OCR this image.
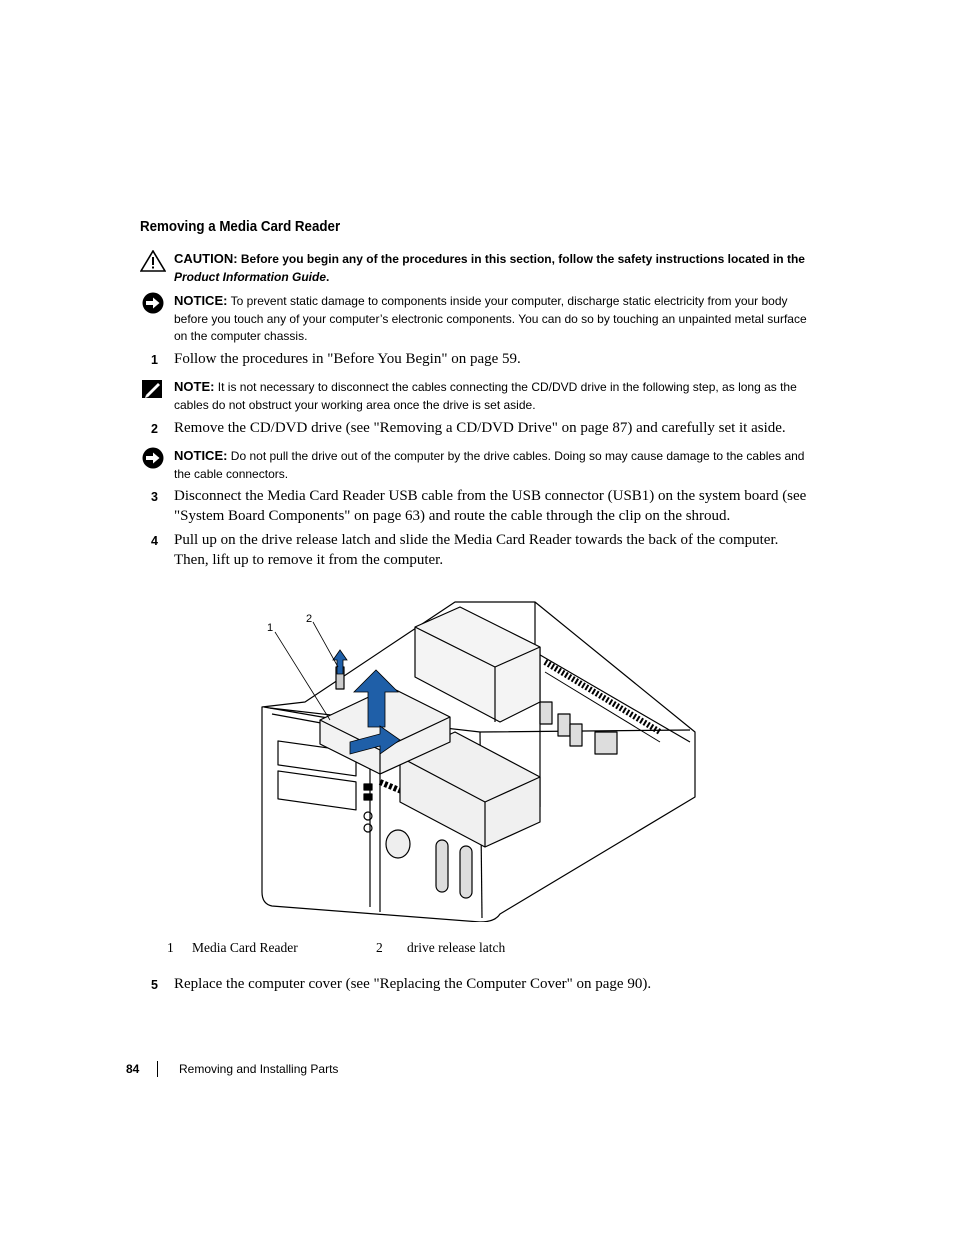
Removing a Media Card Reader
CAUTION: Before you begin any of the procedures in this section, follow the safety instructions located in the
Product Information Guide.
NOTICE: To prevent static damage to components inside your computer, discharge static electricity from your body before you touch any of your computer’s electronic components. You can do so by touching an unpainted metal surface on the computer chassis.
1 Follow the procedures in "Before You Begin" on page 59.
NOTE: It is not necessary to disconnect the cables connecting the CD/DVD drive in the following step, as long as the cables do not obstruct your working area once the drive is set aside.
2 Remove the CD/DVD drive (see "Removing a CD/DVD Drive" on page 87) and carefully set it aside.
NOTICE: Do not pull the drive out of the computer by the drive cables. Doing so may cause damage to the cables and the cable connectors.
3 Disconnect the Media Card Reader USB cable from the USB connector (USB1) on the system board (see "System Board Components" on page 63) and route the cable through the clip on the shroud.
4 Pull up on the drive release latch and slide the Media Card Reader towards the back of the computer. Then, lift up to remove it from the computer.
1
2
1 Media Card Reader	2 drive release latch
5 Replace the computer cover (see "Replacing the Computer Cover" on page 90).
84	Removing and Installing Parts
